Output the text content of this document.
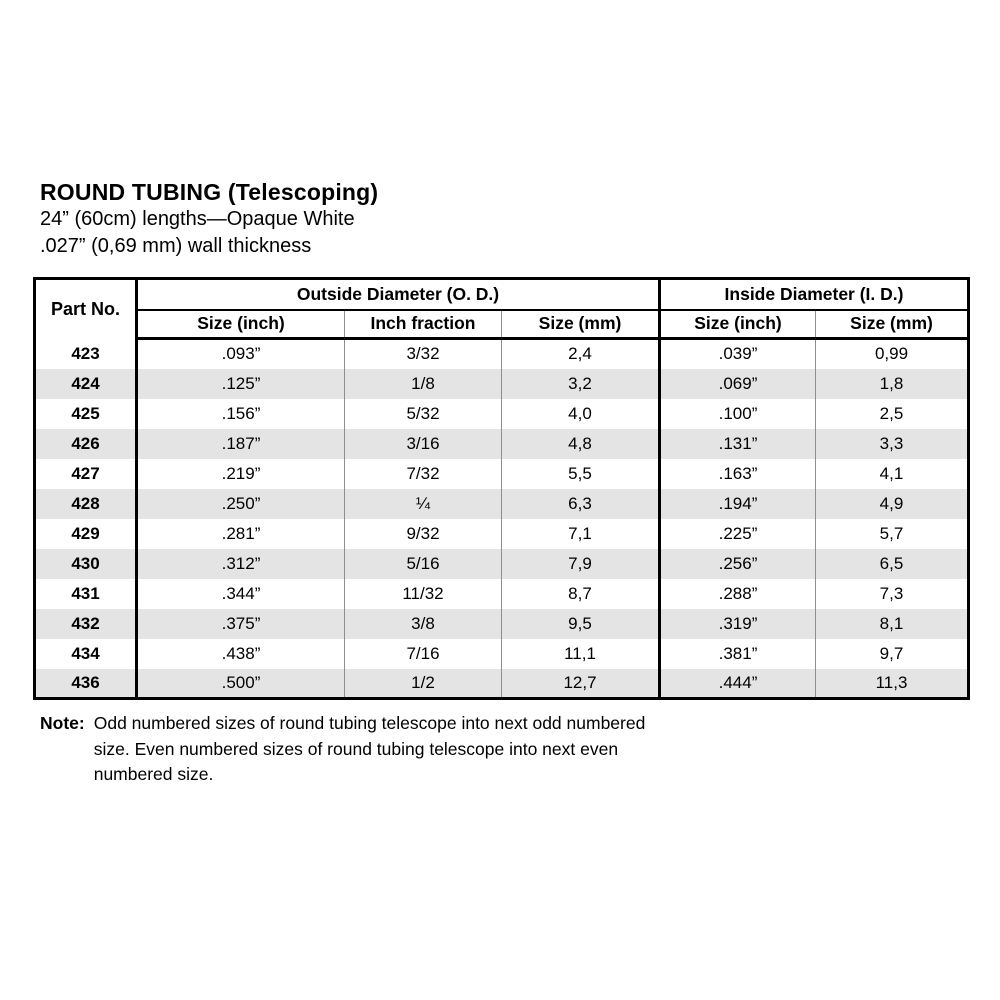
ROUND TUBING (Telescoping)
24” (60cm) lengths—Opaque White
.027” (0,69 mm) wall thickness
Part No.	Outside Diameter (O. D.)			Inside Diameter (I. D.)	
	Size (inch)	Inch fraction	Size (mm)	Size (inch)	Size (mm)
423	.093”	3/32	2,4	.039”	0,99
424	.125”	1/8	3,2	.069”	1,8
425	.156”	5/32	4,0	.100”	2,5
426	.187”	3/16	4,8	.131”	3,3
427	.219”	7/32	5,5	.163”	4,1
428	.250”	¼	6,3	.194”	4,9
429	.281”	9/32	7,1	.225”	5,7
430	.312”	5/16	7,9	.256”	6,5
431	.344”	11/32	8,7	.288”	7,3
432	.375”	3/8	9,5	.319”	8,1
434	.438”	7/16	11,1	.381”	9,7
436	.500”	1/2	12,7	.444”	11,3
Note: Odd numbered sizes of round tubing telescope into next odd numbered size. Even numbered sizes of round tubing telescope into next even numbered size.
